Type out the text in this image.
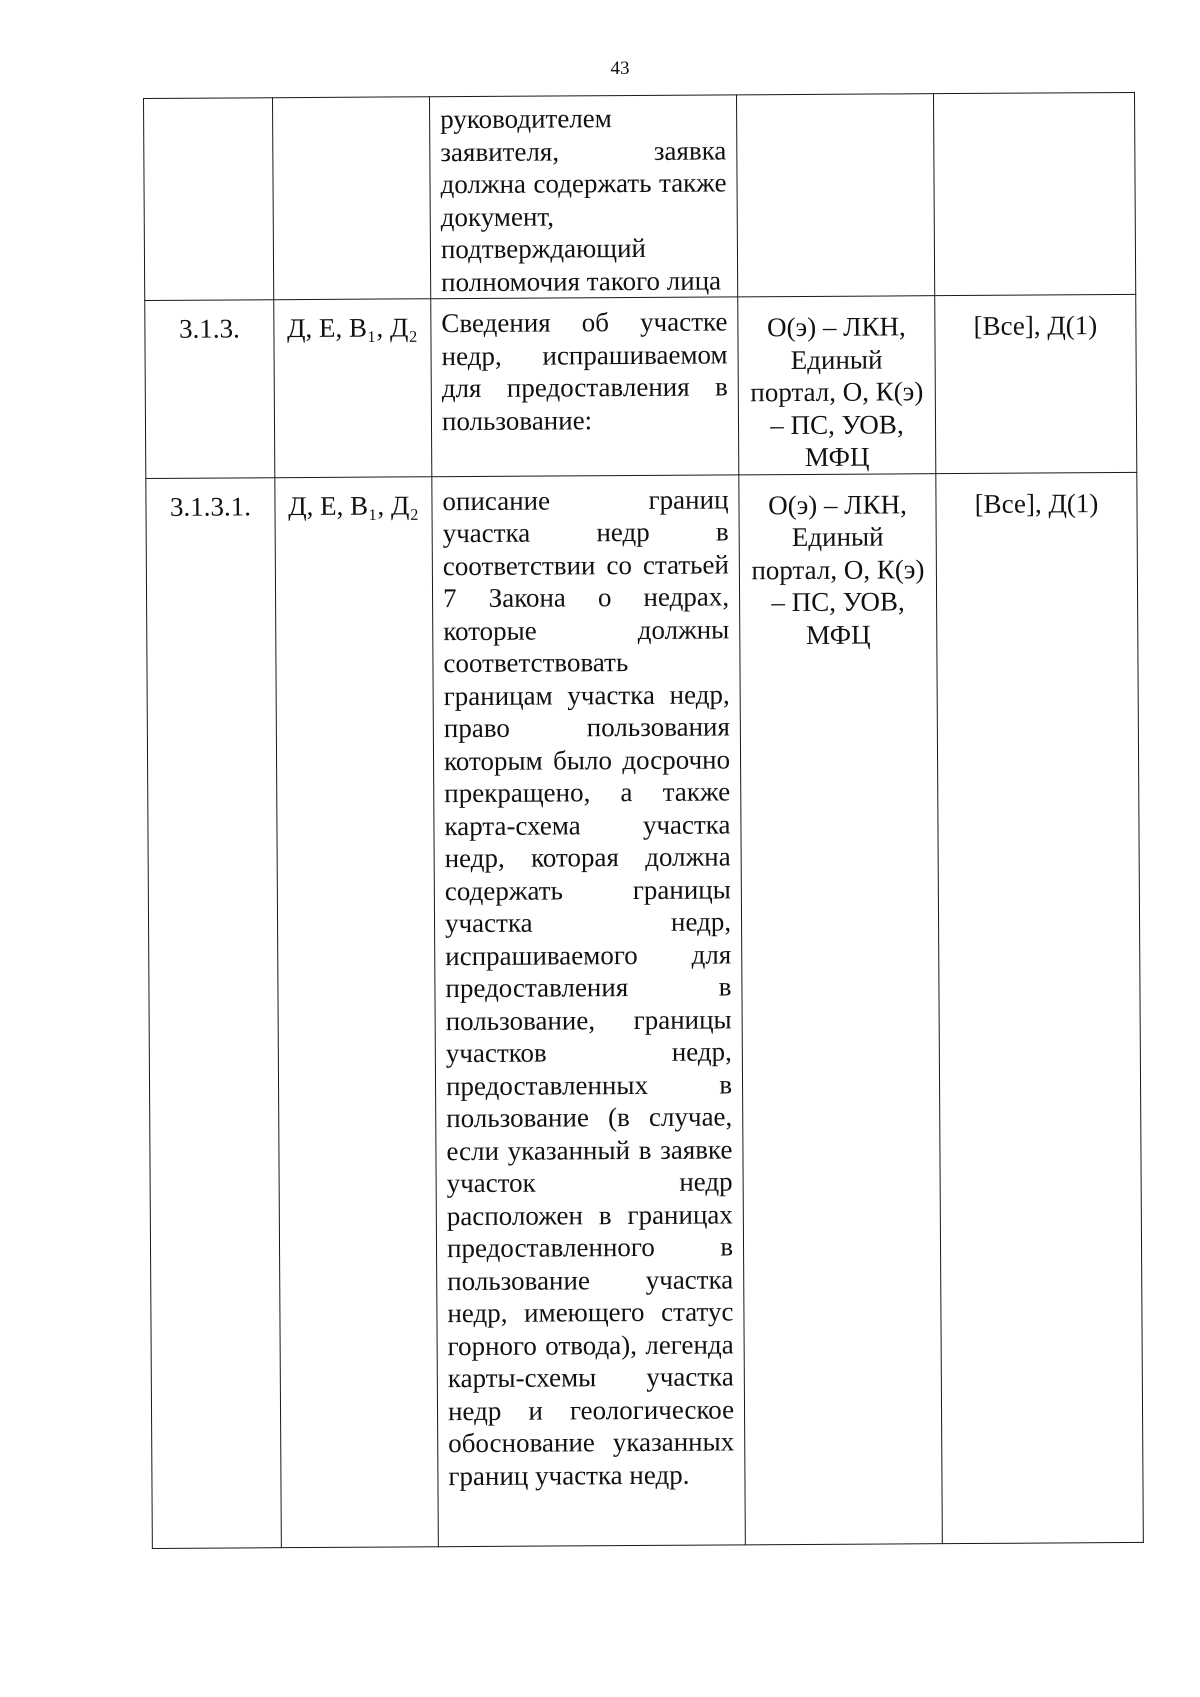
43

		руководителем заявителя, заявка должна содержать также документ, подтверждающий полномочия такого лица		

3.1.3.	Д, Е, В₁, Д₂	Сведения об участке недр, испрашиваемом для предоставления в пользование:	О(э) – ЛКН, Единый портал, О, К(э) – ПС, УОВ, МФЦ	[Все], Д(1)

3.1.3.1.	Д, Е, В₁, Д₂	описание границ участка недр в соответствии со статьей 7 Закона о недрах, которые должны соответствовать границам участка недр, право пользования которым было досрочно прекращено, а также карта-схема участка недр, которая должна содержать границы участка недр, испрашиваемого для предоставления в пользование, границы участков недр, предоставленных в пользование (в случае, если указанный в заявке участок недр расположен в границах предоставленного в пользование участка недр, имеющего статус горного отвода), легенда карты-схемы участка недр и геологическое обоснование указанных границ участка недр.	О(э) – ЛКН, Единый портал, О, К(э) – ПС, УОВ, МФЦ	[Все], Д(1)
